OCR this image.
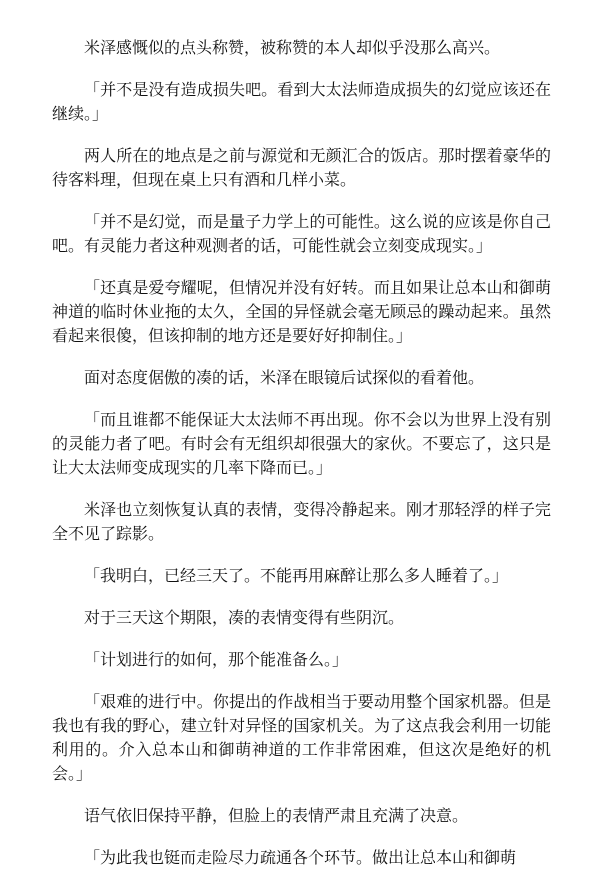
米泽感慨似的点头称赞，被称赞的本人却似乎没那么高兴。

「并不是没有造成损失吧。看到大太法师造成损失的幻觉应该还在继续。」

两人所在的地点是之前与源觉和无颜汇合的饭店。那时摆着豪华的待客料理，但现在桌上只有酒和几样小菜。

「并不是幻觉，而是量子力学上的可能性。这么说的应该是你自己吧。有灵能力者这种观测者的话，可能性就会立刻变成现实。」

「还真是爱夸耀呢，但情况并没有好转。而且如果让总本山和御萌神道的临时休业拖的太久，全国的异怪就会毫无顾忌的躁动起来。虽然看起来很傻，但该抑制的地方还是要好好抑制住。」

面对态度倨傲的凑的话，米泽在眼镜后试探似的看着他。

「而且谁都不能保证大太法师不再出现。你不会以为世界上没有别的灵能力者了吧。有时会有无组织却很强大的家伙。不要忘了，这只是让大太法师变成现实的几率下降而已。」

米泽也立刻恢复认真的表情，变得冷静起来。刚才那轻浮的样子完全不见了踪影。

「我明白，已经三天了。不能再用麻醉让那么多人睡着了。」

对于三天这个期限，凑的表情变得有些阴沉。

「计划进行的如何，那个能准备么。」

「艰难的进行中。你提出的作战相当于要动用整个国家机器。但是我也有我的野心，建立针对异怪的国家机关。为了这点我会利用一切能利用的。介入总本山和御萌神道的工作非常困难，但这次是绝好的机会。」

语气依旧保持平静，但脸上的表情严肃且充满了决意。

「为此我也铤而走险尽力疏通各个环节。做出让总本山和御萌
